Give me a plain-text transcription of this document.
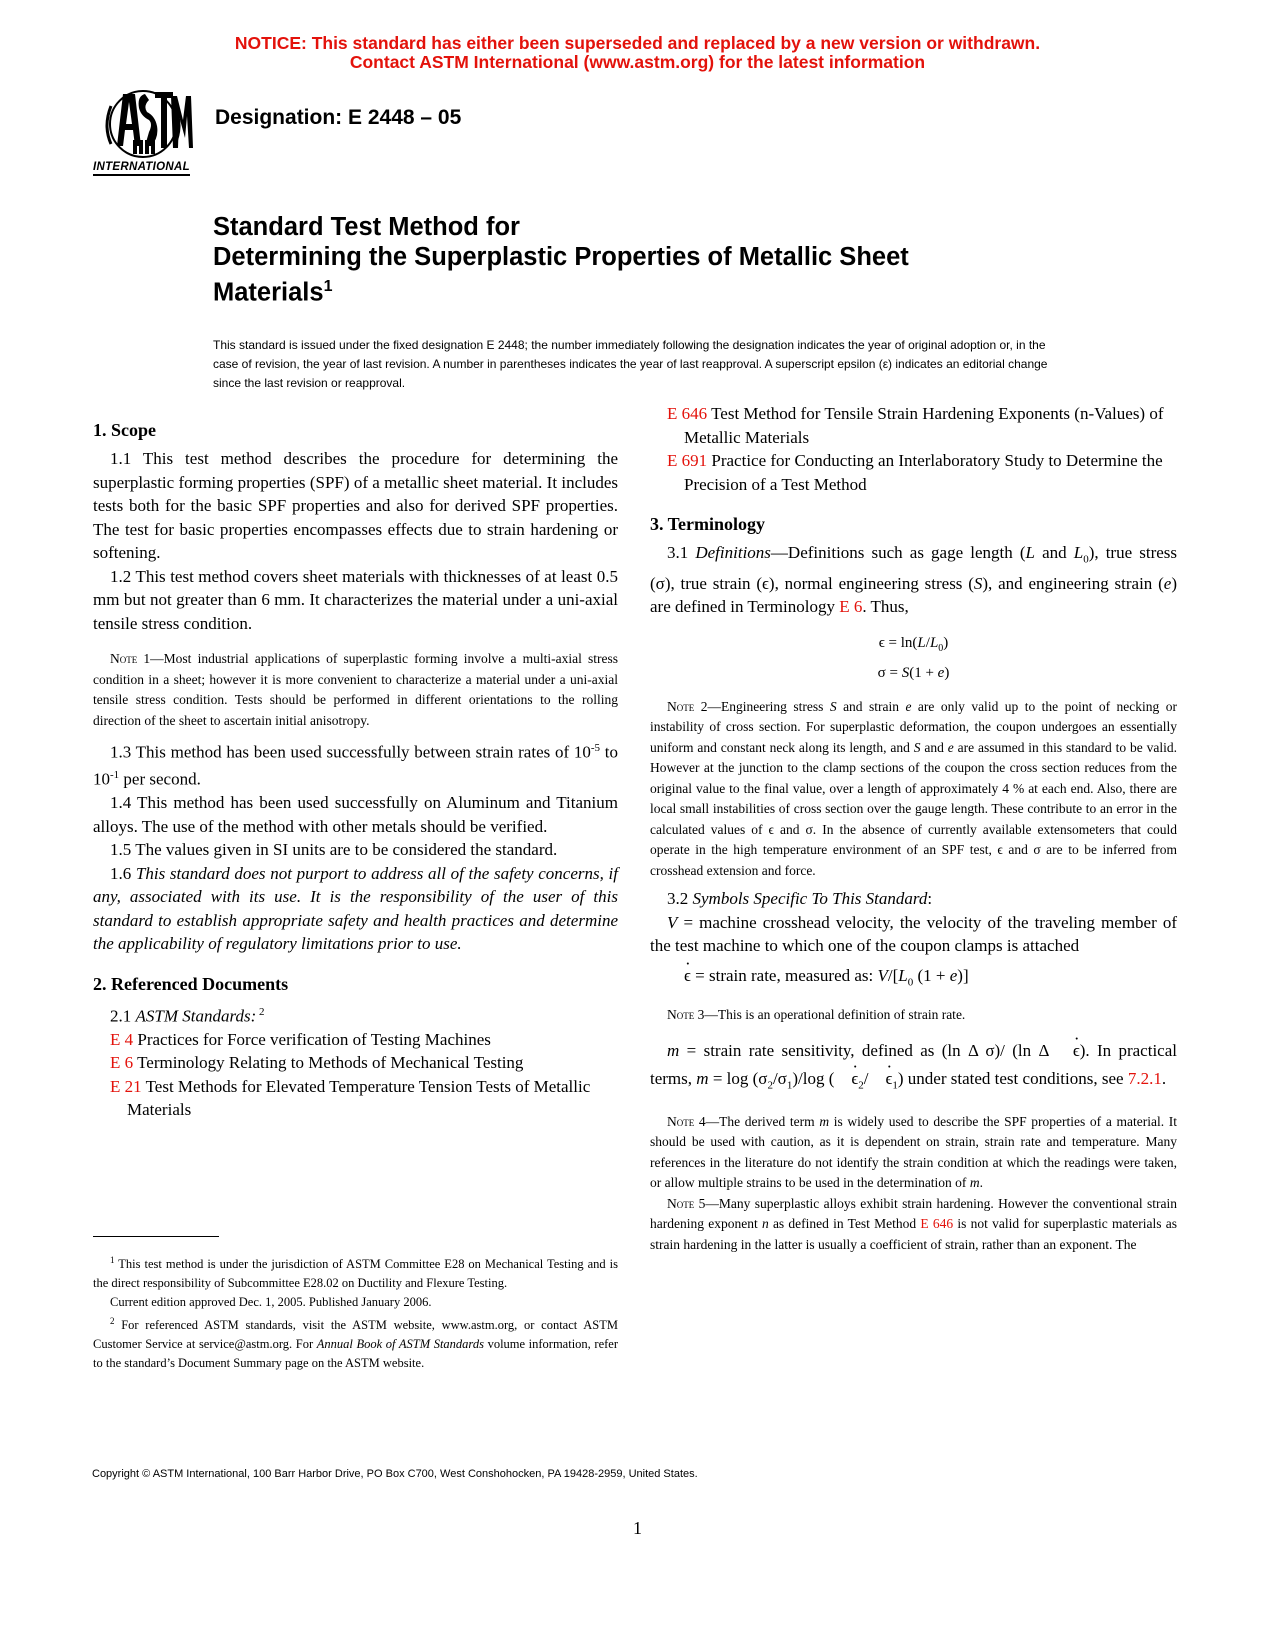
NOTICE: This standard has either been superseded and replaced by a new version or withdrawn.
Contact ASTM International (www.astm.org) for the latest information
INTERNATIONAL
Designation: E 2448 – 05
Standard Test Method for
Determining the Superplastic Properties of Metallic Sheet
Materials$^1$

This standard is issued under the fixed designation E 2448; the number immediately following the designation indicates the year of original adoption or, in the case of revision, the year of last revision. A number in parentheses indicates the year of last reapproval. A superscript epsilon (ε) indicates an editorial change since the last revision or reapproval.

1. Scope

1.1 This test method describes the procedure for determining the superplastic forming properties (SPF) of a metallic sheet material. It includes tests both for the basic SPF properties and also for derived SPF properties. The test for basic properties encompasses effects due to strain hardening or softening.

1.2 This test method covers sheet materials with thicknesses of at least 0.5 mm but not greater than 6 mm. It characterizes the material under a uni-axial tensile stress condition.

Note 1—Most industrial applications of superplastic forming involve a multi-axial stress condition in a sheet; however it is more convenient to characterize a material under a uni-axial tensile stress condition. Tests should be performed in different orientations to the rolling direction of the sheet to ascertain initial anisotropy.

1.3 This method has been used successfully between strain rates of $10^{-5}$ to $10^{-1}$ per second.

1.4 This method has been used successfully on Aluminum and Titanium alloys. The use of the method with other metals should be verified.

1.5 The values given in SI units are to be considered the standard.

1.6 This standard does not purport to address all of the safety concerns, if any, associated with its use. It is the responsibility of the user of this standard to establish appropriate safety and health practices and determine the applicability of regulatory limitations prior to use.

2. Referenced Documents

2.1 ASTM Standards: $^2$

E 4 Practices for Force verification of Testing Machines

E 6 Terminology Relating to Methods of Mechanical Testing

E 21 Test Methods for Elevated Temperature Tension Tests of Metallic Materials

$^1$ This test method is under the jurisdiction of ASTM Committee E28 on Mechanical Testing and is the direct responsibility of Subcommittee E28.02 on Ductility and Flexure Testing.

Current edition approved Dec. 1, 2005. Published January 2006.

$^2$ For referenced ASTM standards, visit the ASTM website, www.astm.org, or contact ASTM Customer Service at service@astm.org. For Annual Book of ASTM Standards volume information, refer to the standard’s Document Summary page on the ASTM website.

E 646 Test Method for Tensile Strain Hardening Exponents (n-Values) of Metallic Materials

E 691 Practice for Conducting an Interlaboratory Study to Determine the Precision of a Test Method

3. Terminology

3.1 Definitions—Definitions such as gage length (L and $L_0$), true stress (σ), true strain (ϵ), normal engineering stress (S), and engineering strain (e) are defined in Terminology E 6. Thus,

$\epsilon = \ln(L/L_0)$

σ = S(1 + e)

Note 2—Engineering stress S and strain e are only valid up to the point of necking or instability of cross section. For superplastic deformation, the coupon undergoes an essentially uniform and constant neck along its length, and S and e are assumed in this standard to be valid. However at the junction to the clamp sections of the coupon the cross section reduces from the original value to the final value, over a length of approximately 4 % at each end. Also, there are local small instabilities of cross section over the gauge length. These contribute to an error in the calculated values of ϵ and σ. In the absence of currently available extensometers that could operate in the high temperature environment of an SPF test, ϵ and σ are to be inferred from crosshead extension and force.

3.2 Symbols Specific To This Standard:

V = machine crosshead velocity, the velocity of the traveling member of the test machine to which one of the coupon clamps is attached

· ϵ = strain rate, measured as: $V/[L_0$ (1 + e)]

Note 3—This is an operational definition of strain rate.

m = strain rate sensitivity, defined as (ln Δ σ)/ (ln Δ · ϵ). In practical terms, $m = \log (\sigma_2/\sigma_1)/\log$ ( · $\epsilon_2/ \cdot \epsilon_1$) under stated test conditions, see 7.2.1.

Note 4—The derived term m is widely used to describe the SPF properties of a material. It should be used with caution, as it is dependent on strain, strain rate and temperature. Many references in the literature do not identify the strain condition at which the readings were taken, or allow multiple strains to be used in the determination of m.

Note 5—Many superplastic alloys exhibit strain hardening. However the conventional strain hardening exponent n as defined in Test Method E 646 is not valid for superplastic materials as strain hardening in the latter is usually a coefficient of strain, rather than an exponent. The

Copyright © ASTM International, 100 Barr Harbor Drive, PO Box C700, West Conshohocken, PA 19428-2959, United States.
1
